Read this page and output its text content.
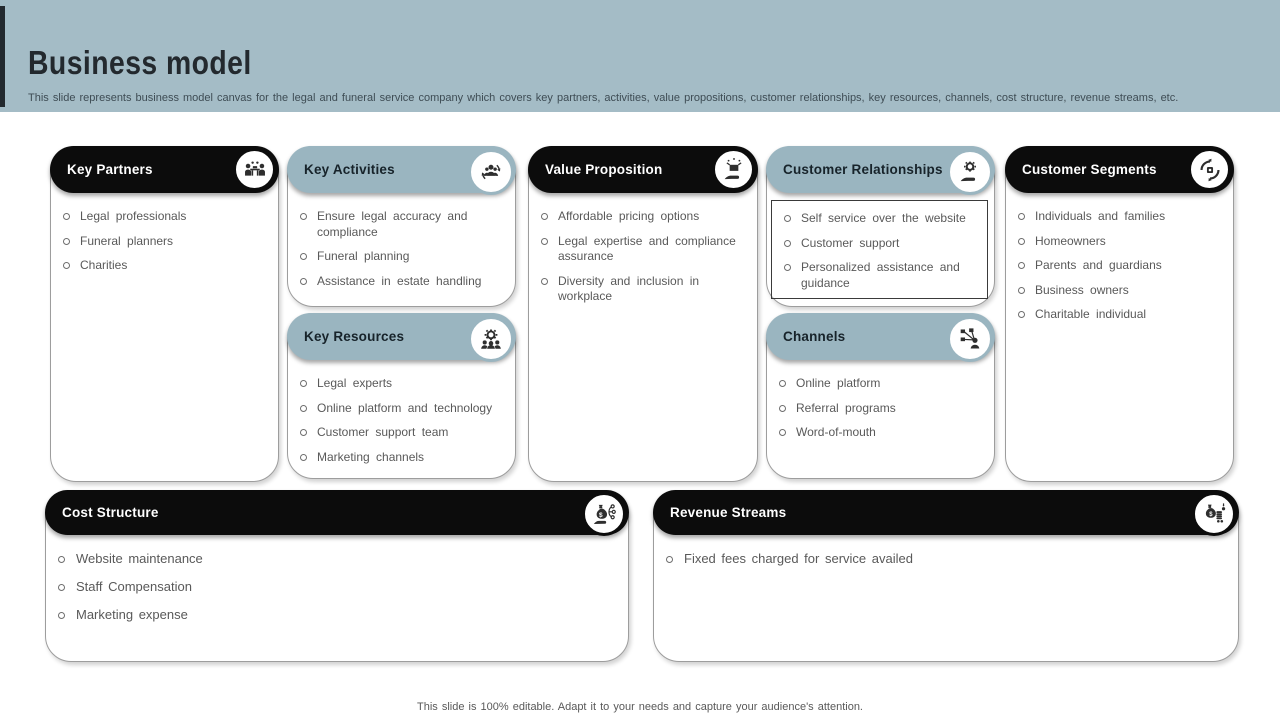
Business model

This slide represents business model canvas for the legal and funeral service company which covers key partners, activities, value propositions, customer relationships, key resources, channels, cost structure, revenue streams, etc.

Key Partners
Legal professionals
Funeral planners
Charities
Key Activities
Ensure legal accuracy and compliance
Funeral planning
Assistance in estate handling
Key Resources
Legal experts
Online platform and technology
Customer support team
Marketing channels
Value Proposition
Affordable pricing options
Legal expertise and compliance assurance
Diversity and inclusion in workplace
Customer Relationships
Self service over the website
Customer support
Personalized assistance and guidance
Channels
Online platform
Referral programs
Word-of-mouth
Customer Segments
Individuals and families
Homeowners
Parents and guardians
Business owners
Charitable individual
Cost Structure	$
Website maintenance
Staff Compensation
Marketing expense
Revenue Streams	$
Fixed fees charged for service availed
This slide is 100% editable. Adapt it to your needs and capture your audience's attention.
